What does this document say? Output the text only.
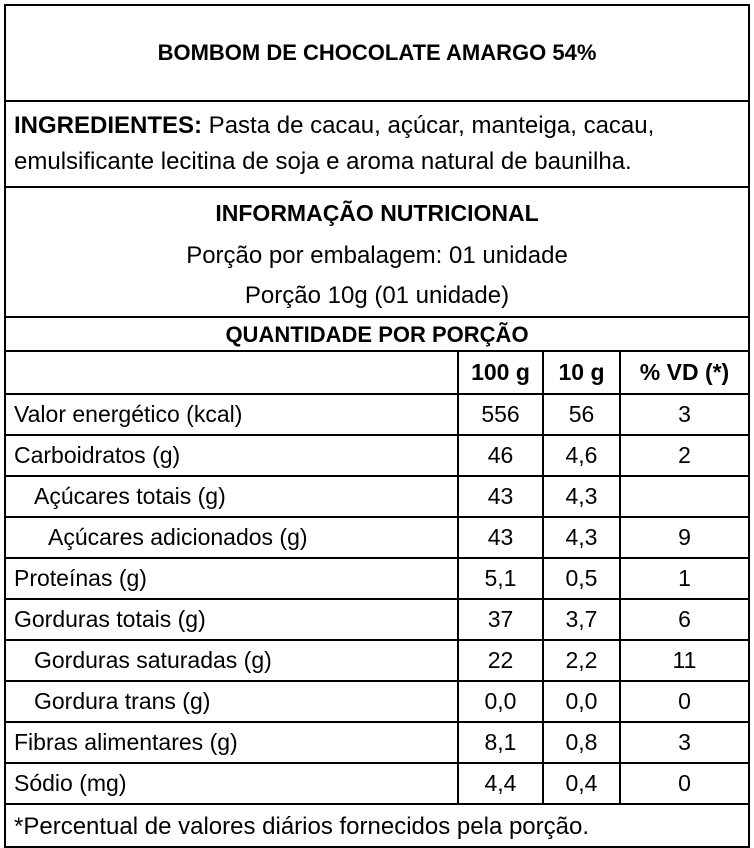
BOMBOM DE CHOCOLATE AMARGO 54%
INGREDIENTES: Pasta de cacau, açúcar, manteiga, cacau, emulsificante lecitina de soja e aroma natural de baunilha.
INFORMAÇÃO NUTRICIONAL
Porção por embalagem: 01 unidade
Porção 10g (01 unidade)
QUANTIDADE POR PORÇÃO
	100 g	10 g	% VD (*)
Valor energético (kcal)	556	56	3
Carboidratos (g)	46	4,6	2
Açúcares totais (g)	43	4,3	
Açúcares adicionados (g)	43	4,3	9
Proteínas (g)	5,1	0,5	1
Gorduras totais (g)	37	3,7	6
Gorduras saturadas (g)	22	2,2	11
Gordura trans (g)	0,0	0,0	0
Fibras alimentares (g)	8,1	0,8	3
Sódio (mg)	4,4	0,4	0
*Percentual de valores diários fornecidos pela porção.
